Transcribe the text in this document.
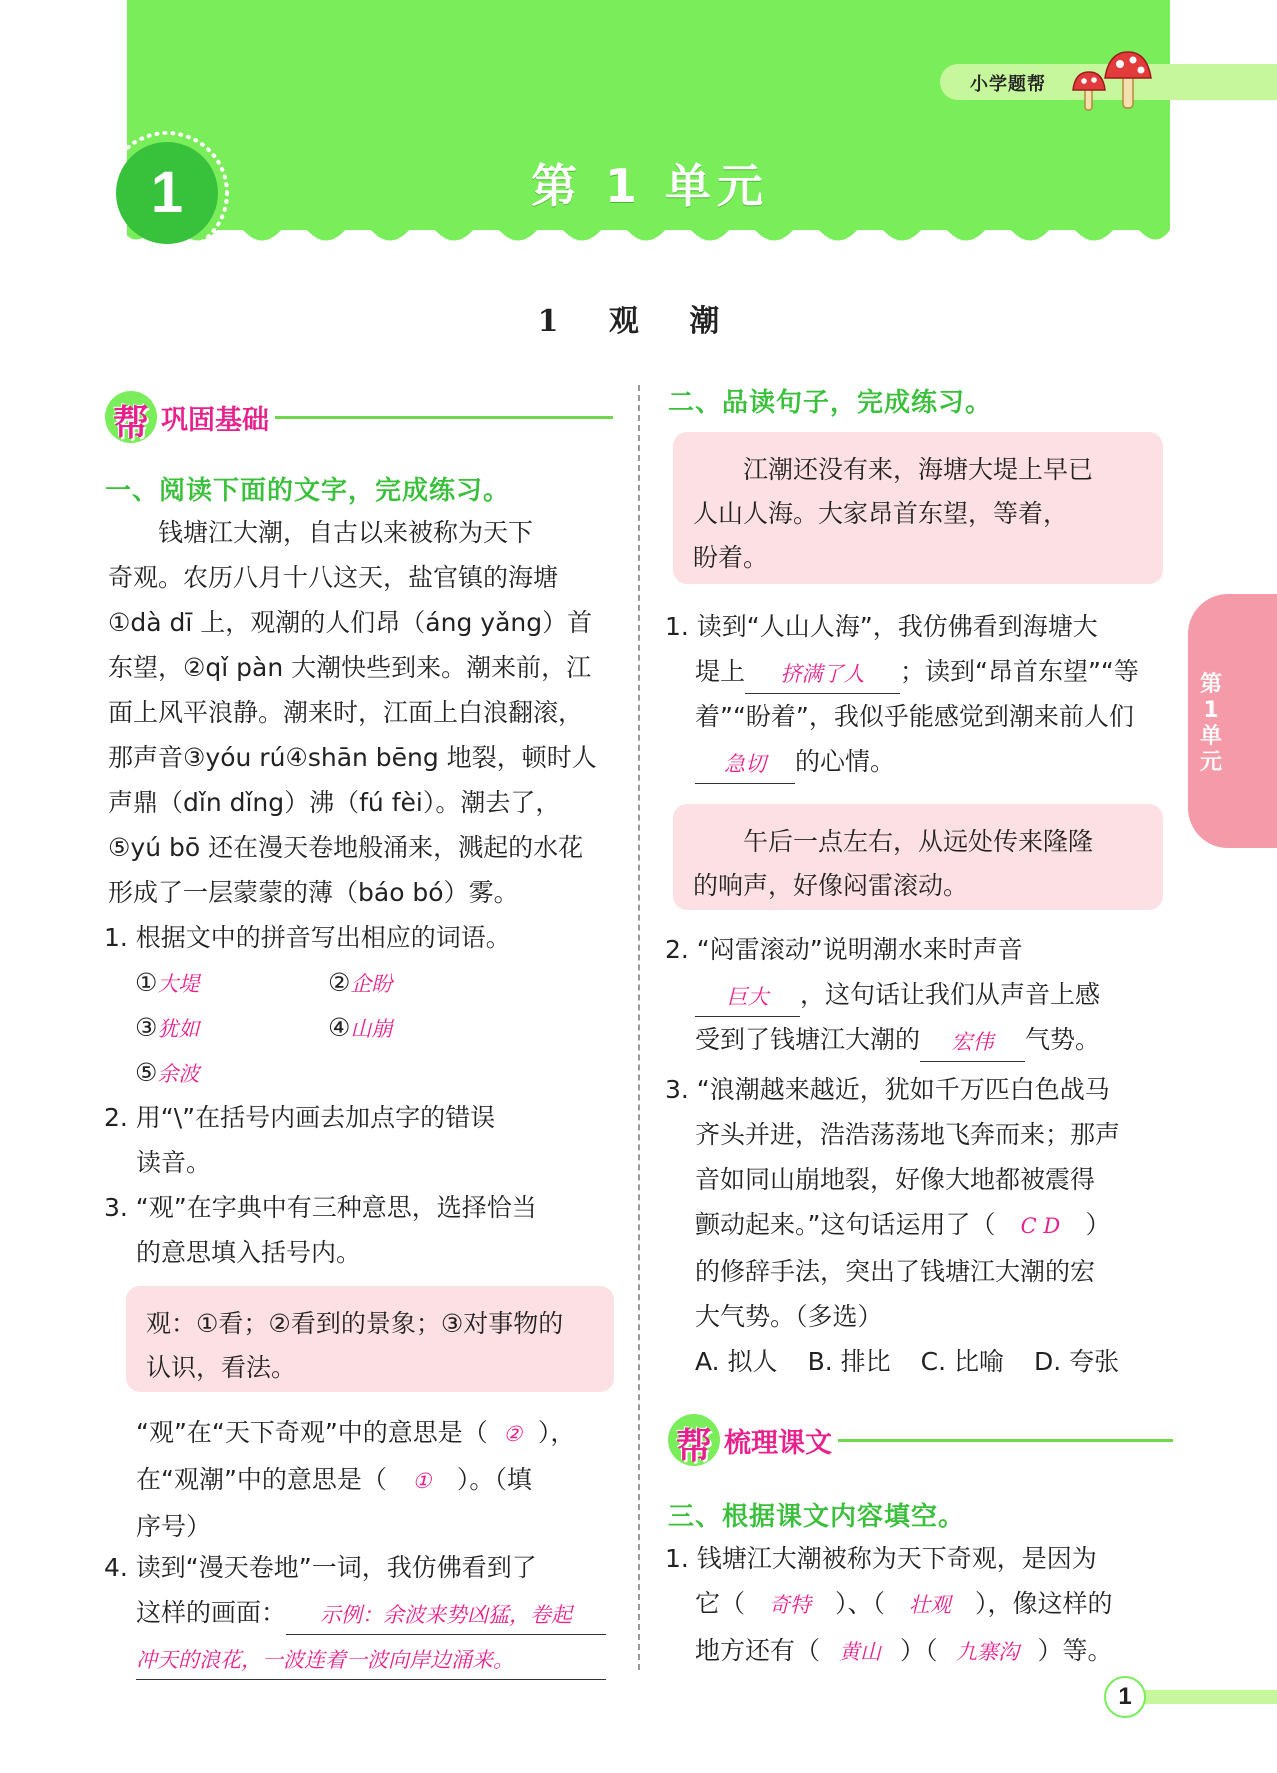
小学题帮
1	第 1 单元
1 观 潮
帮 巩固基础
一、阅读下面的文字，完成练习。
钱塘江大潮，自古以来被称为天下
奇观。农历八月十八这天，盐官镇的海塘
①dà dī 上，观潮的人们昂（áng yǎng）首
东望，②qǐ pàn 大潮快些到来。潮来前，江
面上风平浪静。潮来时，江面上白浪翻滚，
那声音③yóu rú④shān bēng 地裂，顿时人
声鼎（dǐn dǐng）沸（fú fèi）。潮去了，
⑤yú bō 还在漫天卷地般涌来，溅起的水花
形成了一层蒙蒙的薄（báo bó）雾。
1. 根据文中的拼音写出相应的词语。
①大堤	②企盼
③犹如	④山崩
⑤余波
2. 用“\”在括号内画去加点字的错误
读音。
3. “观”在字典中有三种意思，选择恰当
的意思填入括号内。
观：①看；②看到的景象；③对事物的
认识，看法。
“观”在“天下奇观”中的意思是（ ② ），
在“观潮”中的意思是（ ① ）。（填
序号）
4. 读到“漫天卷地”一词，我仿佛看到了
这样的画面： 示例：余波来势凶猛，卷起
冲天的浪花，一波连着一波向岸边涌来。
二、品读句子，完成练习。
江潮还没有来，海塘大堤上早已
人山人海。大家昂首东望，等着，
盼着。
1. 读到“人山人海”，我仿佛看到海塘大
堤上 挤满了人 ；读到“昂首东望”“等
着”“盼着”，我似乎能感觉到潮来前人们
急切 的心情。
午后一点左右，从远处传来隆隆
的响声，好像闷雷滚动。
2. “闷雷滚动”说明潮水来时声音
巨大 ，这句话让我们从声音上感
受到了钱塘江大潮的 宏伟 气势。
3. “浪潮越来越近，犹如千万匹白色战马
齐头并进，浩浩荡荡地飞奔而来；那声
音如同山崩地裂，好像大地都被震得
颤动起来。”这句话运用了（ C D ）
的修辞手法，突出了钱塘江大潮的宏
大气势。（多选）
A. 拟人 B. 排比 C. 比喻 D. 夸张
帮 梳理课文
三、根据课文内容填空。
1. 钱塘江大潮被称为天下奇观，是因为
它（ 奇特 ）、（ 壮观 ），像这样的
地方还有（ 黄山 ）（ 九寨沟 ）等。
第1单元
1
